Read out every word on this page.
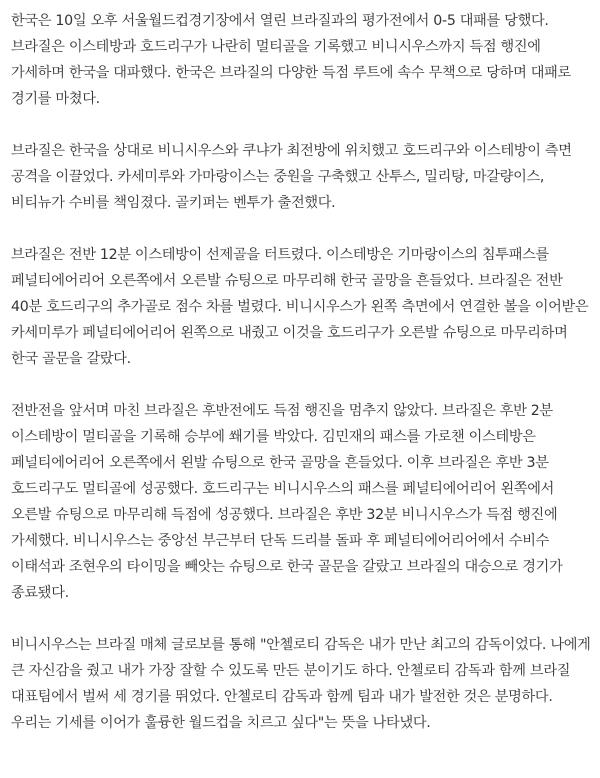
한국은 10일 오후 서울월드컵경기장에서 열린 브라질과의 평가전에서 0-5 대패를 당했다. 브라질은 이스테방과 호드리구가 나란히 멀티골을 기록했고 비니시우스까지 득점 행진에 가세하며 한국을 대파했다. 한국은 브라질의 다양한 득점 루트에 속수 무책으로 당하며 대패로 경기를 마쳤다.

브라질은 한국을 상대로 비니시우스와 쿠냐가 최전방에 위치했고 호드리구와 이스테방이 측면 공격을 이끌었다. 카세미루와 가마랑이스는 중원을 구축했고 산투스, 밀리탕, 마갈량이스, 비티뉴가 수비를 책임졌다. 골키퍼는 벤투가 출전했다.

브라질은 전반 12분 이스테방이 선제골을 터트렸다. 이스테방은 기마랑이스의 침투패스를 페널티에어리어 오른쪽에서 오른발 슈팅으로 마무리해 한국 골망을 흔들었다. 브라질은 전반 40분 호드리구의 추가골로 점수 차를 벌렸다. 비니시우스가 왼쪽 측면에서 연결한 볼을 이어받은 카세미루가 페널티에어리어 왼쪽으로 내줬고 이것을 호드리구가 오른발 슈팅으로 마무리하며 한국 골문을 갈랐다.

전반전을 앞서며 마친 브라질은 후반전에도 득점 행진을 멈추지 않았다. 브라질은 후반 2분 이스테방이 멀티골을 기록해 승부에 쐐기를 박았다. 김민재의 패스를 가로챈 이스테방은 페널티에어리어 오른쪽에서 왼발 슈팅으로 한국 골망을 흔들었다. 이후 브라질은 후반 3분 호드리구도 멀티골에 성공했다. 호드리구는 비니시우스의 패스를 페널티에어리어 왼쪽에서 오른발 슈팅으로 마무리해 득점에 성공했다. 브라질은 후반 32분 비니시우스가 득점 행진에 가세했다. 비니시우스는 중앙선 부근부터 단독 드리블 돌파 후 페널티에어리어에서 수비수 이태석과 조현우의 타이밍을 빼앗는 슈팅으로 한국 골문을 갈랐고 브라질의 대승으로 경기가 종료됐다.

비니시우스는 브라질 매체 글로보를 통해 "안첼로티 감독은 내가 만난 최고의 감독이었다. 나에게 큰 자신감을 줬고 내가 가장 잘할 수 있도록 만든 분이기도 하다. 안첼로티 감독과 함께 브라질 대표팀에서 벌써 세 경기를 뛰었다. 안첼로티 감독과 함께 팀과 내가 발전한 것은 분명하다. 우리는 기세를 이어가 훌륭한 월드컵을 치르고 싶다"는 뜻을 나타냈다.
